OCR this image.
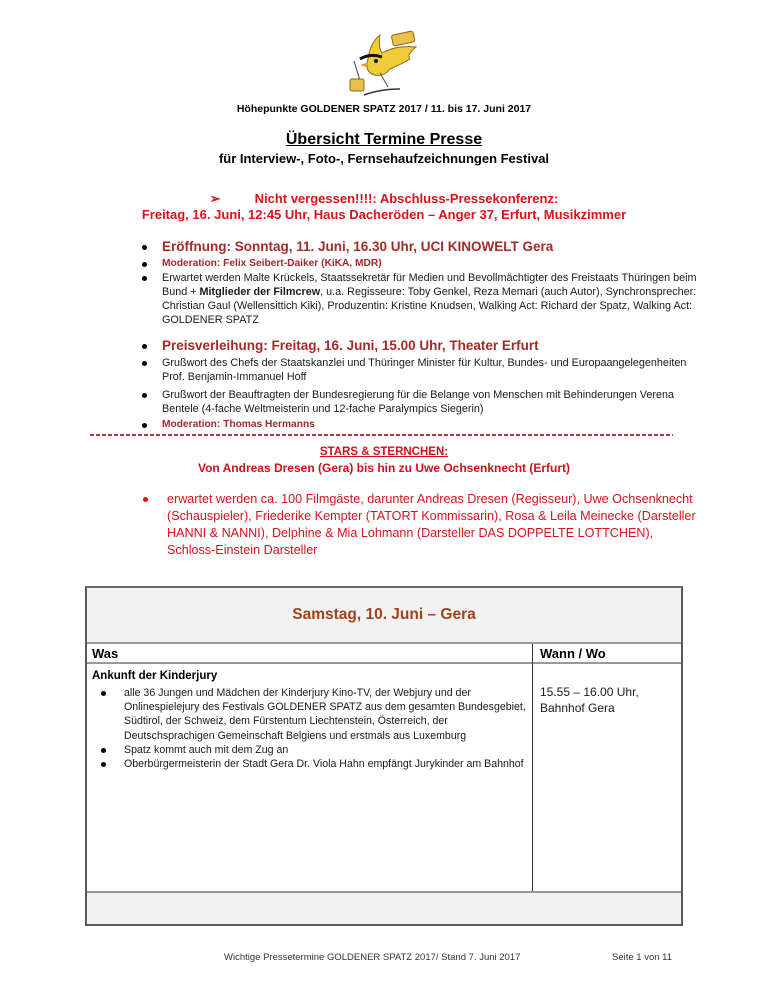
Höhepunkte GOLDENER SPATZ 2017 / 11. bis 17. Juni 2017
Übersicht Termine Presse
für Interview-, Foto-, Fernsehaufzeichnungen Festival
➢	Nicht vergessen!!!!: Abschluss-Pressekonferenz:
Freitag, 16. Juni, 12:45 Uhr, Haus Dacheröden – Anger 37, Erfurt, Musikzimmer
Eröffnung: Sonntag, 11. Juni, 16.30 Uhr, UCI KINOWELT Gera
Moderation: Felix Seibert-Daiker (KiKA, MDR)
Erwartet werden Malte Krückels, Staatssekretär für Medien und Bevollmächtigter des Freistaats Thüringen beim Bund + Mitglieder der Filmcrew, u.a. Regisseure: Toby Genkel, Reza Memari (auch Autor), Synchronsprecher: Christian Gaul (Wellensittich Kiki), Produzentin: Kristine Knudsen, Walking Act: Richard der Spatz, Walking Act: GOLDENER SPATZ
Preisverleihung: Freitag, 16. Juni, 15.00 Uhr, Theater Erfurt
Grußwort des Chefs der Staatskanzlei und Thüringer Minister für Kultur, Bundes- und Europaangelegenheiten Prof. Benjamin-Immanuel Hoff
Grußwort der Beauftragten der Bundesregierung für die Belange von Menschen mit Behinderungen Verena Bentele (4-fache Weltmeisterin und 12-fache Paralympics Siegerin)
Moderation: Thomas Hermanns
STARS & STERNCHEN:
Von Andreas Dresen (Gera) bis hin zu Uwe Ochsenknecht (Erfurt)
erwartet werden ca. 100 Filmgäste, darunter Andreas Dresen (Regisseur), Uwe Ochsenknecht (Schauspieler), Friederike Kempter (TATORT Kommissarin), Rosa & Leila Meinecke (Darsteller HANNI & NANNI), Delphine & Mia Lohmann (Darsteller DAS DOPPELTE LOTTCHEN), Schloss-Einstein Darsteller
Samstag, 10. Juni – Gera
Was	Wann / Wo
Ankunft der Kinderjury
alle 36 Jungen und Mädchen der Kinderjury Kino-TV, der Webjury und der Onlinespielejury des Festivals GOLDENER SPATZ aus dem gesamten Bundesgebiet, Südtirol, der Schweiz, dem Fürstentum Liechtenstein, Österreich, der Deutschsprachigen Gemeinschaft Belgiens und erstmals aus Luxemburg
Spatz kommt auch mit dem Zug an
Oberbürgermeisterin der Stadt Gera Dr. Viola Hahn empfängt Jurykinder am Bahnhof
15.55 – 16.00 Uhr, Bahnhof Gera
Wichtige Pressetermine GOLDENER SPATZ 2017/ Stand 7. Juni 2017	Seite 1 von 11
